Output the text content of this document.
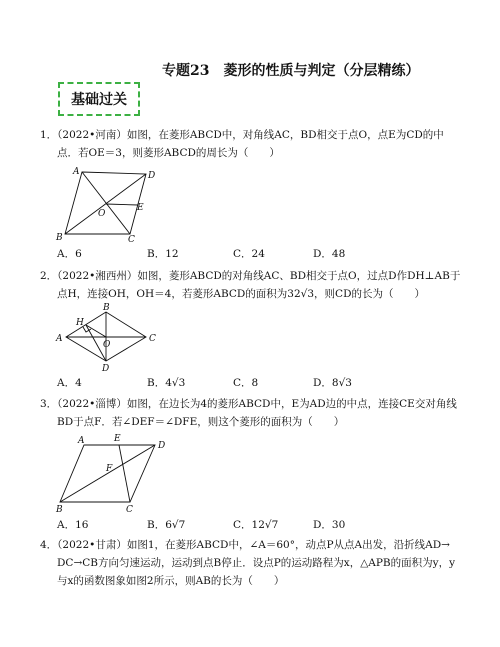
专题23　菱形的性质与判定（分层精练）
基础过关
1．（2022•河南）如图，在菱形ABCD中，对角线AC，BD相交于点O，点E为CD的中
点．若OE＝3，则菱形ABCD的周长为（　　）
A	D
O
E
B	C
A．6	B．12	C．24	D．48
2．（2022•湘西州）如图，菱形ABCD的对角线AC、BD相交于点O，过点D作DH⊥AB于
点H，连接OH，OH＝4，若菱形ABCD的面积为32√3，则CD的长为（　　）
H
B
A
O
C
D
A．4	B．4√3	C．8	D．8√3
3．（2022•淄博）如图，在边长为4的菱形ABCD中，E为AD边的中点，连接CE交对角线
BD于点F．若∠DEF＝∠DFE，则这个菱形的面积为（　　）
A	E
D
F
B	C
A．16	B．6√7	C．12√7	D．30
4．（2022•甘肃）如图1，在菱形ABCD中，∠A＝60°，动点P从点A出发，沿折线AD→
DC→CB方向匀速运动，运动到点B停止．设点P的运动路程为x，△APB的面积为y，y
与x的函数图象如图2所示，则AB的长为（　　）
